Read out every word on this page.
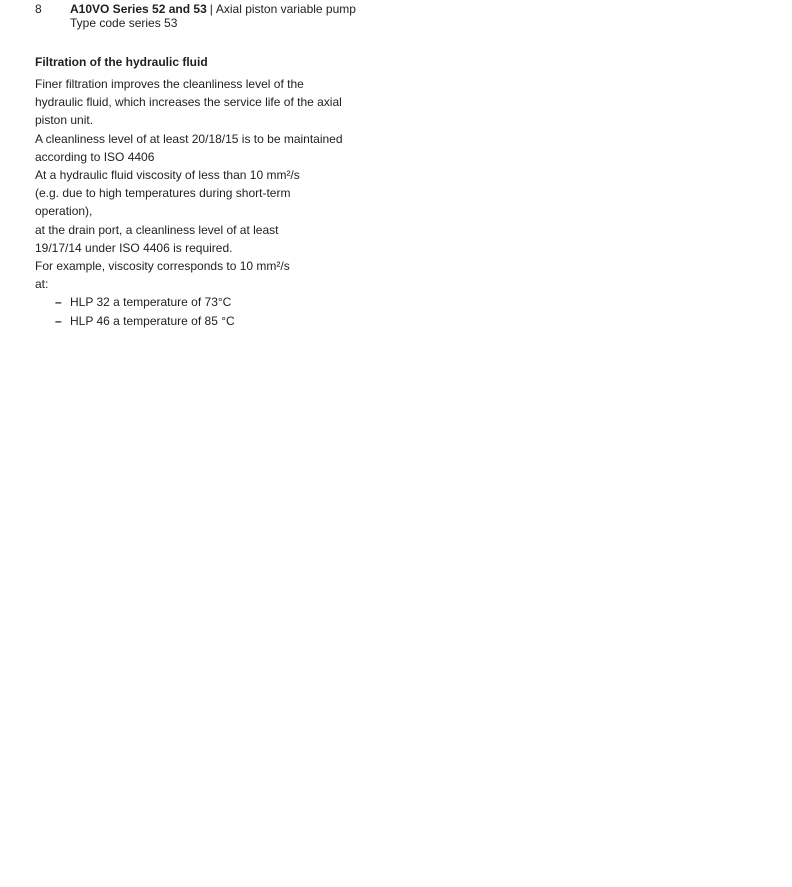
8	A10VO Series 52 and 53 | Axial piston variable pump
Type code series 53
Filtration of the hydraulic fluid
Finer filtration improves the cleanliness level of the
hydraulic fluid, which increases the service life of the axial
piston unit.
A cleanliness level of at least 20/18/15 is to be maintained
according to ISO 4406
At a hydraulic fluid viscosity of less than 10 mm²/s
(e.g. due to high temperatures during short-term
operation),
at the drain port, a cleanliness level of at least
19/17/14 under ISO 4406 is required.
For example, viscosity corresponds to 10 mm²/s
at:
– HLP 32 a temperature of 73°C
– HLP 46 a temperature of 85 °C
